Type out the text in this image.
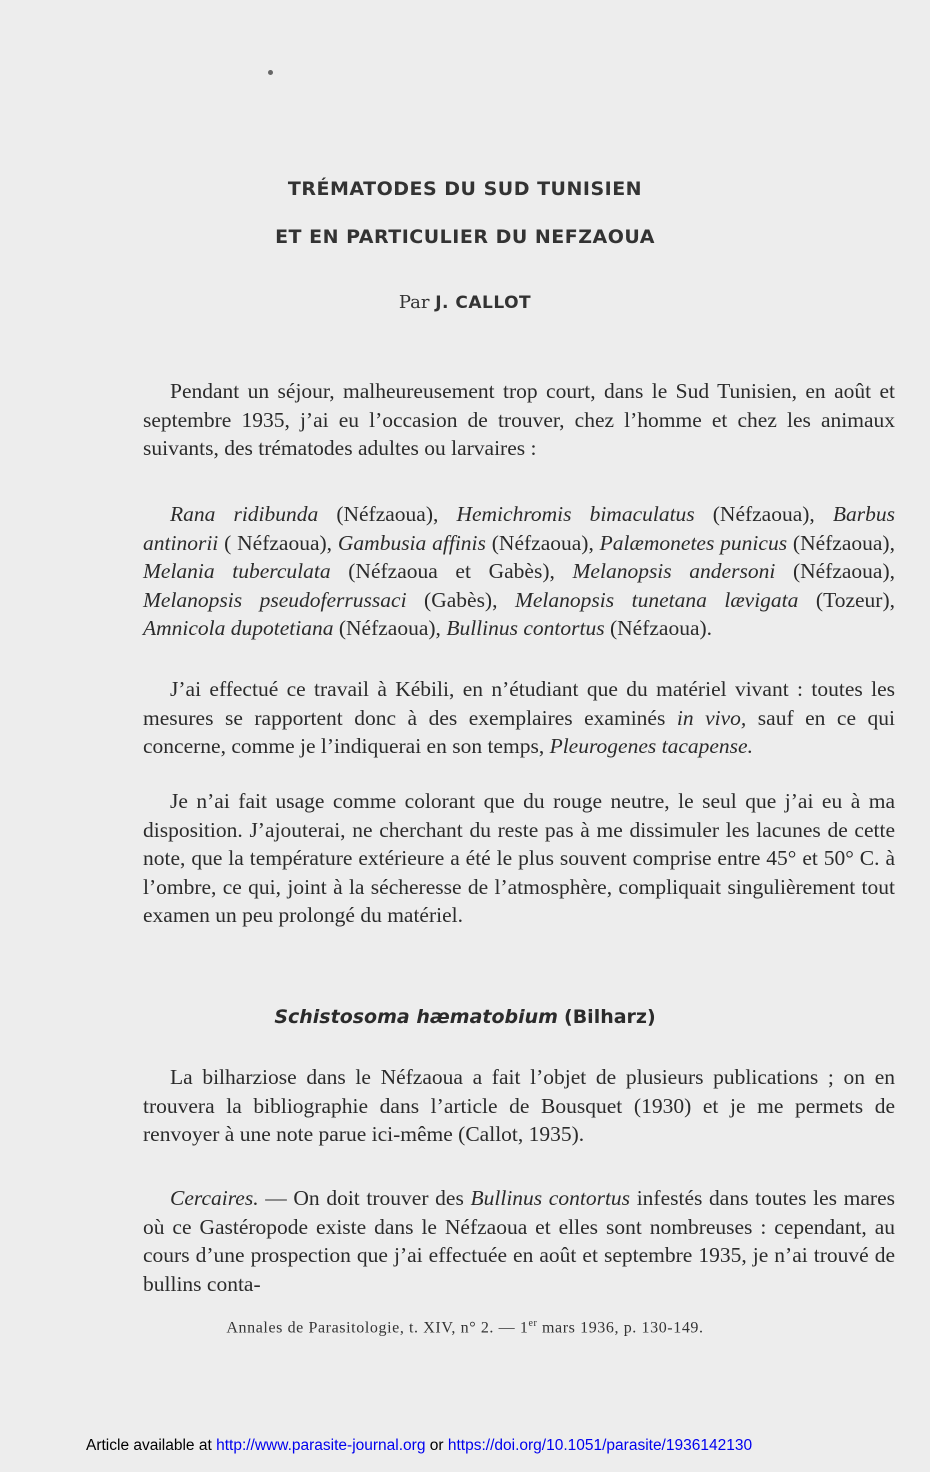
TRÉMATODES DU SUD TUNISIEN
ET EN PARTICULIER DU NEFZAOUA
Par J. CALLOT

Pendant un séjour, malheureusement trop court, dans le Sud Tunisien, en août et septembre 1935, j’ai eu l’occasion de trouver, chez l’homme et chez les animaux suivants, des trématodes adultes ou larvaires :

Rana ridibunda (Néfzaoua), Hemichromis bimaculatus (Néfzaoua), Barbus antinorii ( Néfzaoua), Gambusia affinis (Néfzaoua), Palæmonetes punicus (Néfzaoua), Melania tuberculata (Néfzaoua et Gabès), Melanopsis andersoni (Néfzaoua), Melanopsis pseudoferrussaci (Gabès), Melanopsis tunetana lævigata (Tozeur), Amnicola dupotetiana (Néfzaoua), Bullinus contortus (Néfzaoua).

J’ai effectué ce travail à Kébili, en n’étudiant que du matériel vivant : toutes les mesures se rapportent donc à des exemplaires examinés in vivo, sauf en ce qui concerne, comme je l’indiquerai en son temps, Pleurogenes tacapense.

Je n’ai fait usage comme colorant que du rouge neutre, le seul que j’ai eu à ma disposition. J’ajouterai, ne cherchant du reste pas à me dissimuler les lacunes de cette note, que la température extérieure a été le plus souvent comprise entre 45° et 50° C. à l’ombre, ce qui, joint à la sécheresse de l’atmosphère, compliquait singulièrement tout examen un peu prolongé du matériel.

Schistosoma hæmatobium (Bilharz)

La bilharziose dans le Néfzaoua a fait l’objet de plusieurs publications ; on en trouvera la bibliographie dans l’article de Bousquet (1930) et je me permets de renvoyer à une note parue ici-même (Callot, 1935).

Cercaires. — On doit trouver des Bullinus contortus infestés dans toutes les mares où ce Gastéropode existe dans le Néfzaoua et elles sont nombreuses : cependant, au cours d’une prospection que j’ai effectuée en août et septembre 1935, je n’ai trouvé de bullins conta-

Annales de Parasitologie, t. XIV, n° 2. — 1er mars 1936, p. 130-149.
Article available at http://www.parasite-journal.org or https://doi.org/10.1051/parasite/1936142130
